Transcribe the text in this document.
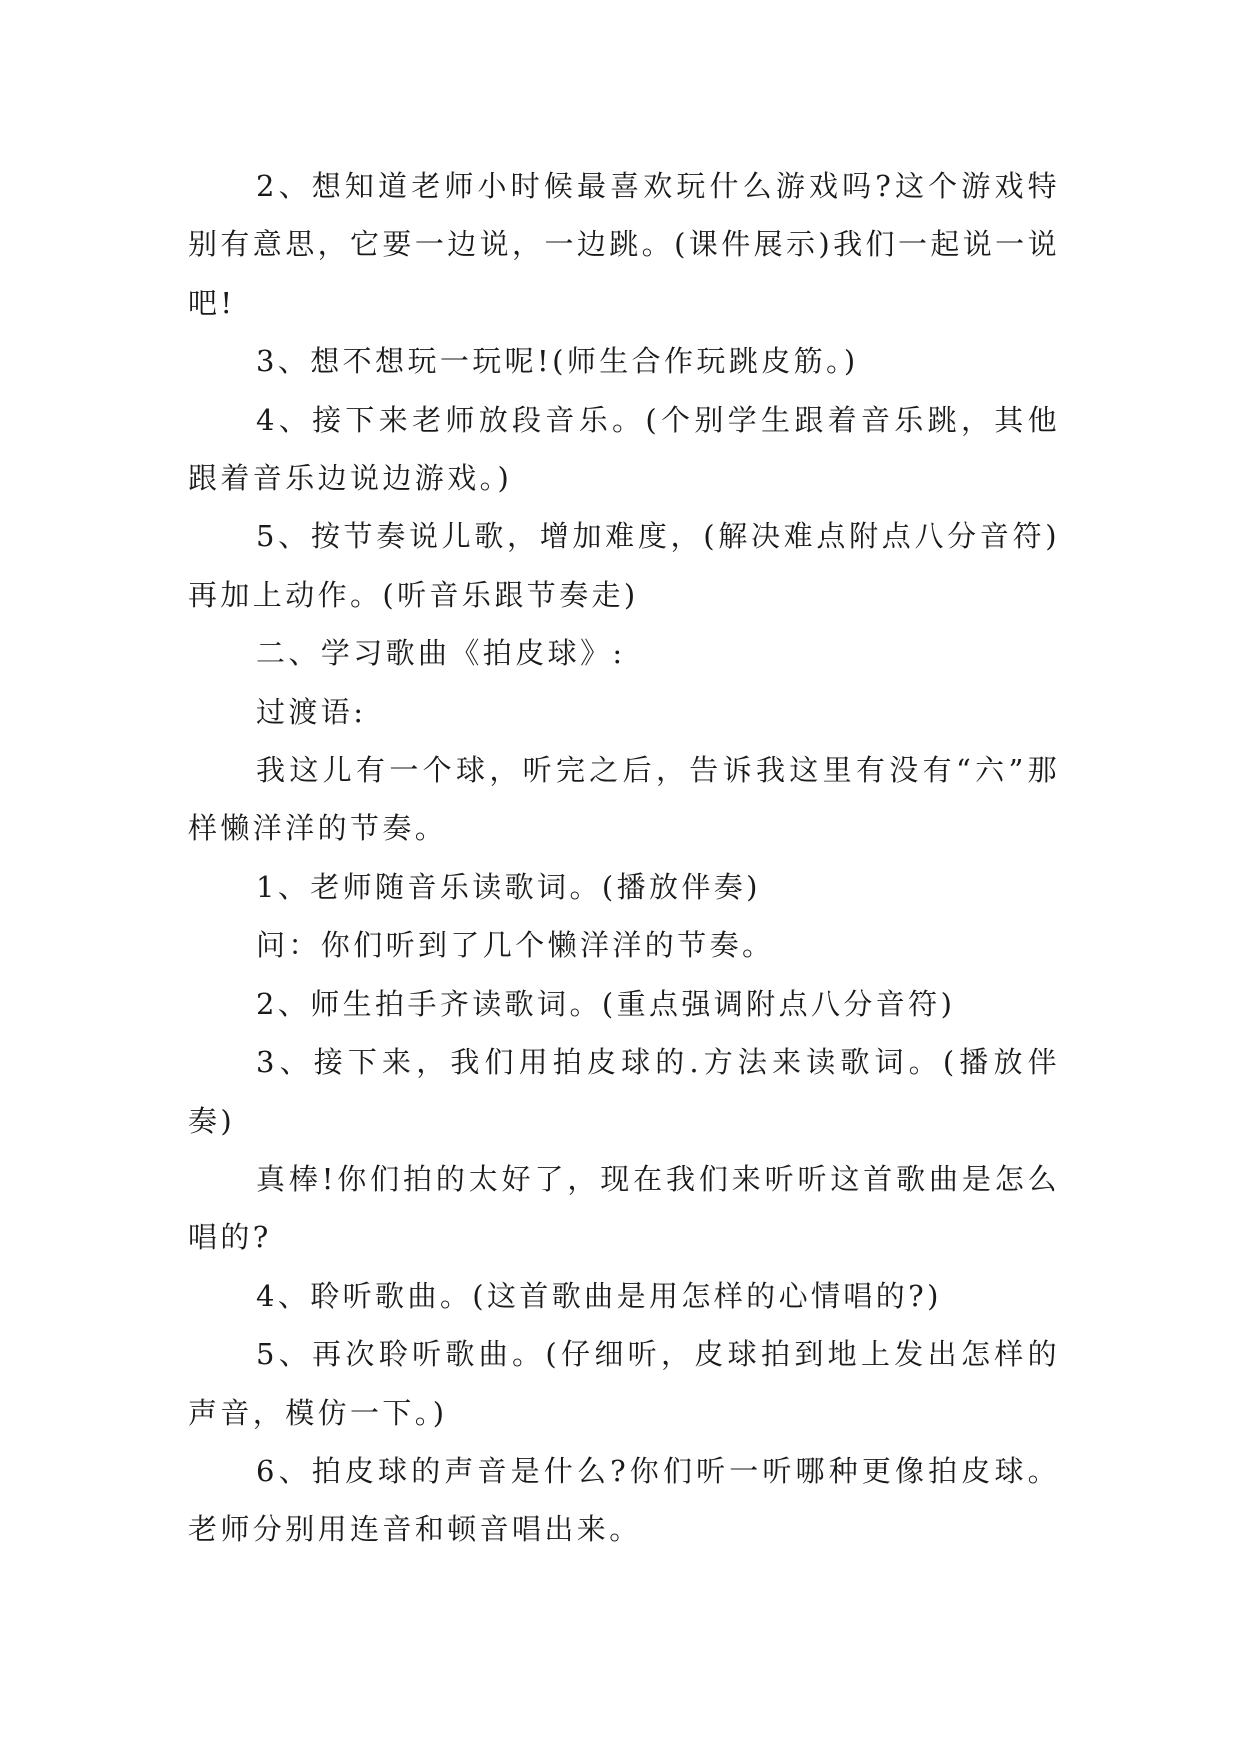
2、想知道老师小时候最喜欢玩什么游戏吗?这个游戏特别有意思，它要一边说，一边跳。(课件展示)我们一起说一说吧!

3、想不想玩一玩呢!(师生合作玩跳皮筋。)

4、接下来老师放段音乐。(个别学生跟着音乐跳，其他跟着音乐边说边游戏。)

5、按节奏说儿歌，增加难度，(解决难点附点八分音符)再加上动作。(听音乐跟节奏走)

二、学习歌曲《拍皮球》:

过渡语:

我这儿有一个球，听完之后，告诉我这里有没有“六”那样懒洋洋的节奏。

1、老师随音乐读歌词。(播放伴奏)

问：你们听到了几个懒洋洋的节奏。

2、师生拍手齐读歌词。(重点强调附点八分音符)

3、接下来，我们用拍皮球的.方法来读歌词。(播放伴奏)

真棒!你们拍的太好了，现在我们来听听这首歌曲是怎么唱的?

4、聆听歌曲。(这首歌曲是用怎样的心情唱的?)

5、再次聆听歌曲。(仔细听，皮球拍到地上发出怎样的声音，模仿一下。)

6、拍皮球的声音是什么?你们听一听哪种更像拍皮球。老师分别用连音和顿音唱出来。
